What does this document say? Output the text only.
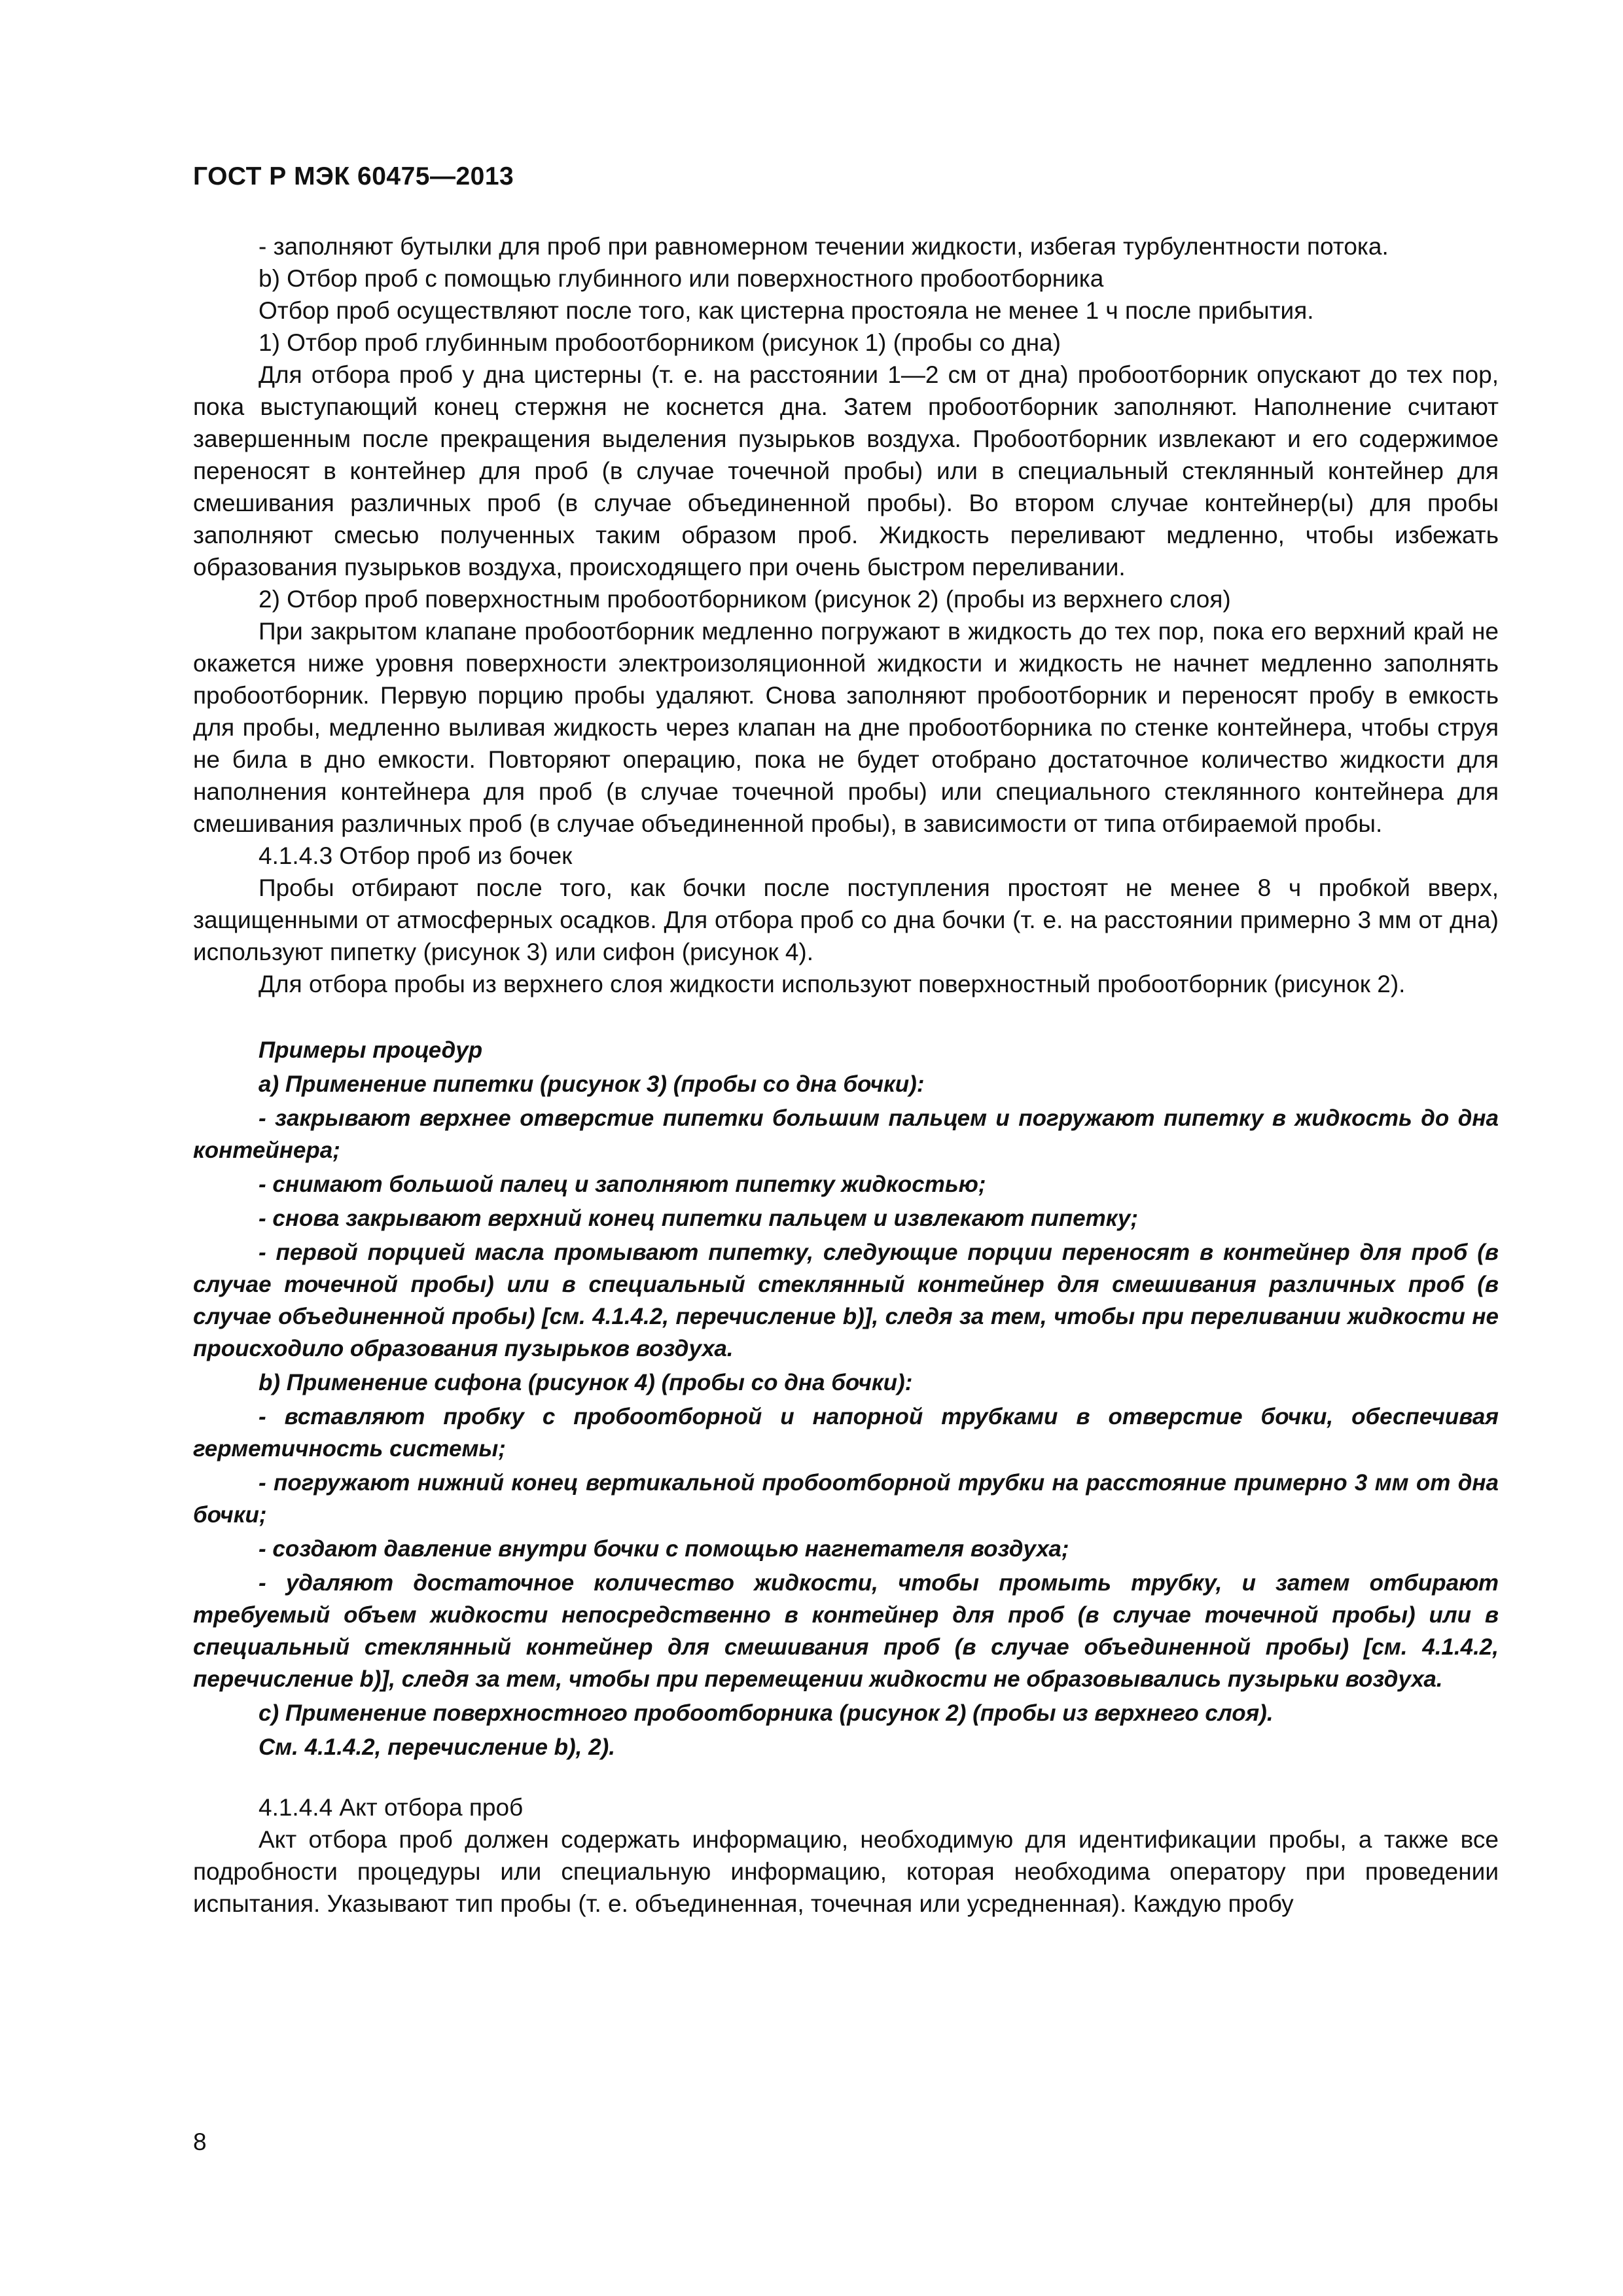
ГОСТ Р МЭК 60475—2013

- заполняют бутылки для проб при равномерном течении жидкости, избегая турбулентности потока.

b) Отбор проб с помощью глубинного или поверхностного пробоотборника

Отбор проб осуществляют после того, как цистерна простояла не менее 1 ч после прибытия.

1) Отбор проб глубинным пробоотборником (рисунок 1) (пробы со дна)

Для отбора проб у дна цистерны (т. е. на расстоянии 1—2 см от дна) пробоотборник опускают до тех пор, пока выступающий конец стержня не коснется дна. Затем пробоотборник заполняют. Наполнение считают завершенным после прекращения выделения пузырьков воздуха. Пробоотборник извлекают и его содержимое переносят в контейнер для проб (в случае точечной пробы) или в специальный стеклянный контейнер для смешивания различных проб (в случае объединенной пробы). Во втором случае контейнер(ы) для пробы заполняют смесью полученных таким образом проб. Жидкость переливают медленно, чтобы избежать образования пузырьков воздуха, происходящего при очень быстром переливании.

2) Отбор проб поверхностным пробоотборником (рисунок 2) (пробы из верхнего слоя)

При закрытом клапане пробоотборник медленно погружают в жидкость до тех пор, пока его верхний край не окажется ниже уровня поверхности электроизоляционной жидкости и жидкость не начнет медленно заполнять пробоотборник. Первую порцию пробы удаляют. Снова заполняют пробоотборник и переносят пробу в емкость для пробы, медленно выливая жидкость через клапан на дне пробоотборника по стенке контейнера, чтобы струя не била в дно емкости. Повторяют операцию, пока не будет отобрано достаточное количество жидкости для наполнения контейнера для проб (в случае точечной пробы) или специального стеклянного контейнера для смешивания различных проб (в случае объединенной пробы), в зависимости от типа отбираемой пробы.

4.1.4.3 Отбор проб из бочек

Пробы отбирают после того, как бочки после поступления простоят не менее 8 ч пробкой вверх, защищенными от атмосферных осадков. Для отбора проб со дна бочки (т. е. на расстоянии примерно 3 мм от дна) используют пипетку (рисунок 3) или сифон (рисунок 4).

Для отбора пробы из верхнего слоя жидкости используют поверхностный пробоотборник (рисунок 2).

Примеры процедур

а) Применение пипетки (рисунок 3) (пробы со дна бочки):

- закрывают верхнее отверстие пипетки большим пальцем и погружают пипетку в жидкость до дна контейнера;

- снимают большой палец и заполняют пипетку жидкостью;

- снова закрывают верхний конец пипетки пальцем и извлекают пипетку;

- первой порцией масла промывают пипетку, следующие порции переносят в контейнер для проб (в случае точечной пробы) или в специальный стеклянный контейнер для смешивания различных проб (в случае объединенной пробы) [см. 4.1.4.2, перечисление b)], следя за тем, чтобы при переливании жидкости не происходило образования пузырьков воздуха.

b) Применение сифона (рисунок 4) (пробы со дна бочки):

- вставляют пробку с пробоотборной и напорной трубками в отверстие бочки, обеспечивая герметичность системы;

- погружают нижний конец вертикальной пробоотборной трубки на расстояние примерно 3 мм от дна бочки;

- создают давление внутри бочки с помощью нагнетателя воздуха;

- удаляют достаточное количество жидкости, чтобы промыть трубку, и затем отбирают требуемый объем жидкости непосредственно в контейнер для проб (в случае точечной пробы) или в специальный стеклянный контейнер для смешивания проб (в случае объединенной пробы) [см. 4.1.4.2, перечисление b)], следя за тем, чтобы при перемещении жидкости не образовывались пузырьки воздуха.

с) Применение поверхностного пробоотборника (рисунок 2) (пробы из верхнего слоя).

См. 4.1.4.2, перечисление b), 2).

4.1.4.4 Акт отбора проб

Акт отбора проб должен содержать информацию, необходимую для идентификации пробы, а также все подробности процедуры или специальную информацию, которая необходима оператору при проведении испытания. Указывают тип пробы (т. е. объединенная, точечная или усредненная). Каждую пробу

8
